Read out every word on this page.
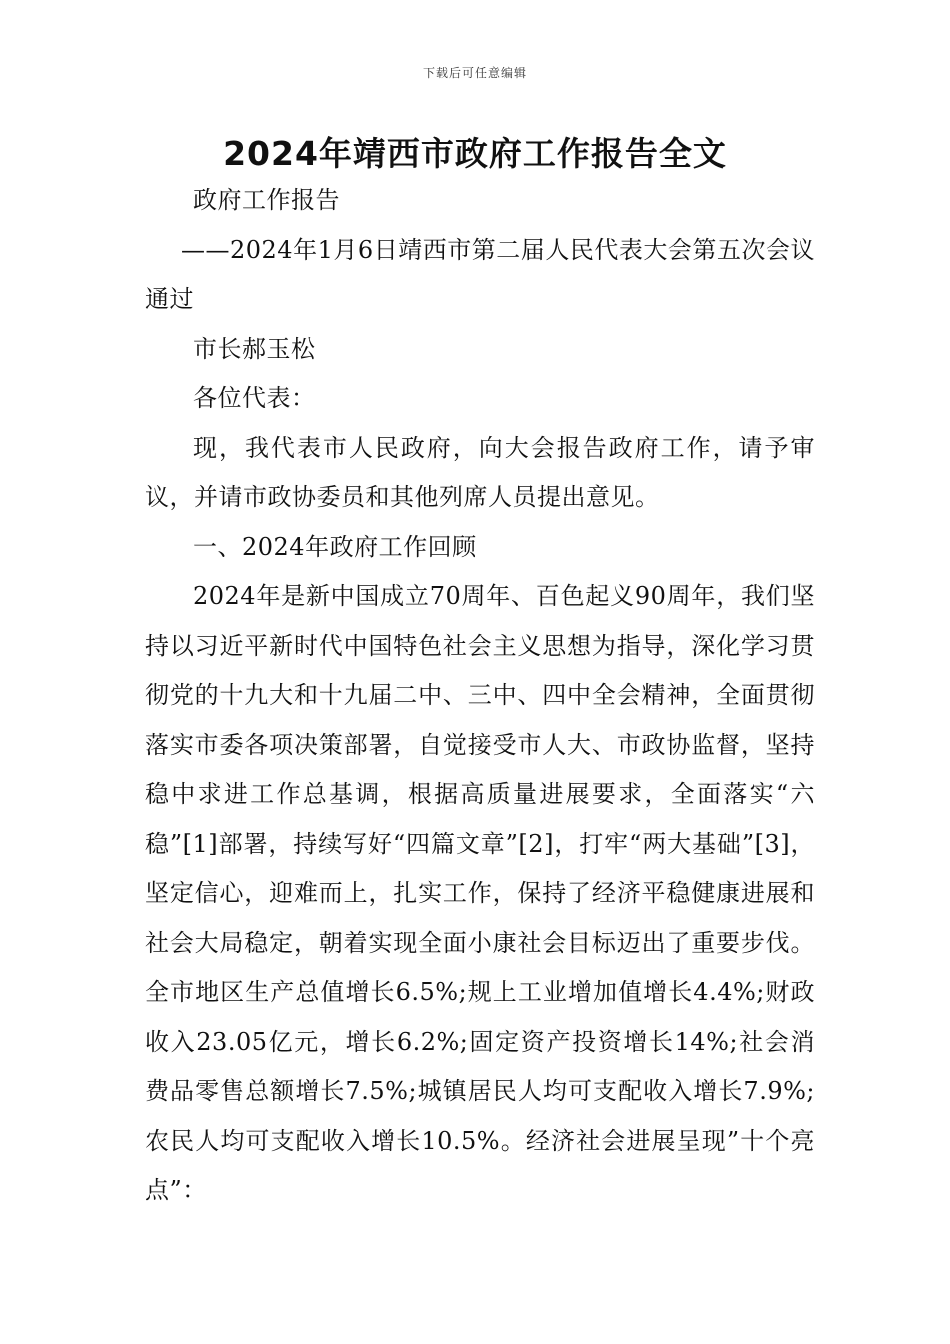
下载后可任意编辑
2024年靖西市政府工作报告全文

政府工作报告

——2024年1月6日靖西市第二届人民代表大会第五次会议通过

市长郝玉松

各位代表：

现，我代表市人民政府，向大会报告政府工作，请予审议，并请市政协委员和其他列席人员提出意见。

一、2024年政府工作回顾

2024年是新中国成立70周年、百色起义90周年，我们坚持以习近平新时代中国特色社会主义思想为指导，深化学习贯彻党的十九大和十九届二中、三中、四中全会精神，全面贯彻落实市委各项决策部署，自觉接受市人大、市政协监督，坚持稳中求进工作总基调，根据高质量进展要求，全面落实“六稳”[1]部署，持续写好“四篇文章”[2]，打牢“两大基础”[3]，坚定信心，迎难而上，扎实工作，保持了经济平稳健康进展和社会大局稳定，朝着实现全面小康社会目标迈出了重要步伐。全市地区生产总值增长6.5%;规上工业增加值增长4.4%;财政收入23.05亿元，增长6.2%;固定资产投资增长14%;社会消费品零售总额增长7.5%;城镇居民人均可支配收入增长7.9%;农民人均可支配收入增长10.5%。经济社会进展呈现”十个亮点”：
